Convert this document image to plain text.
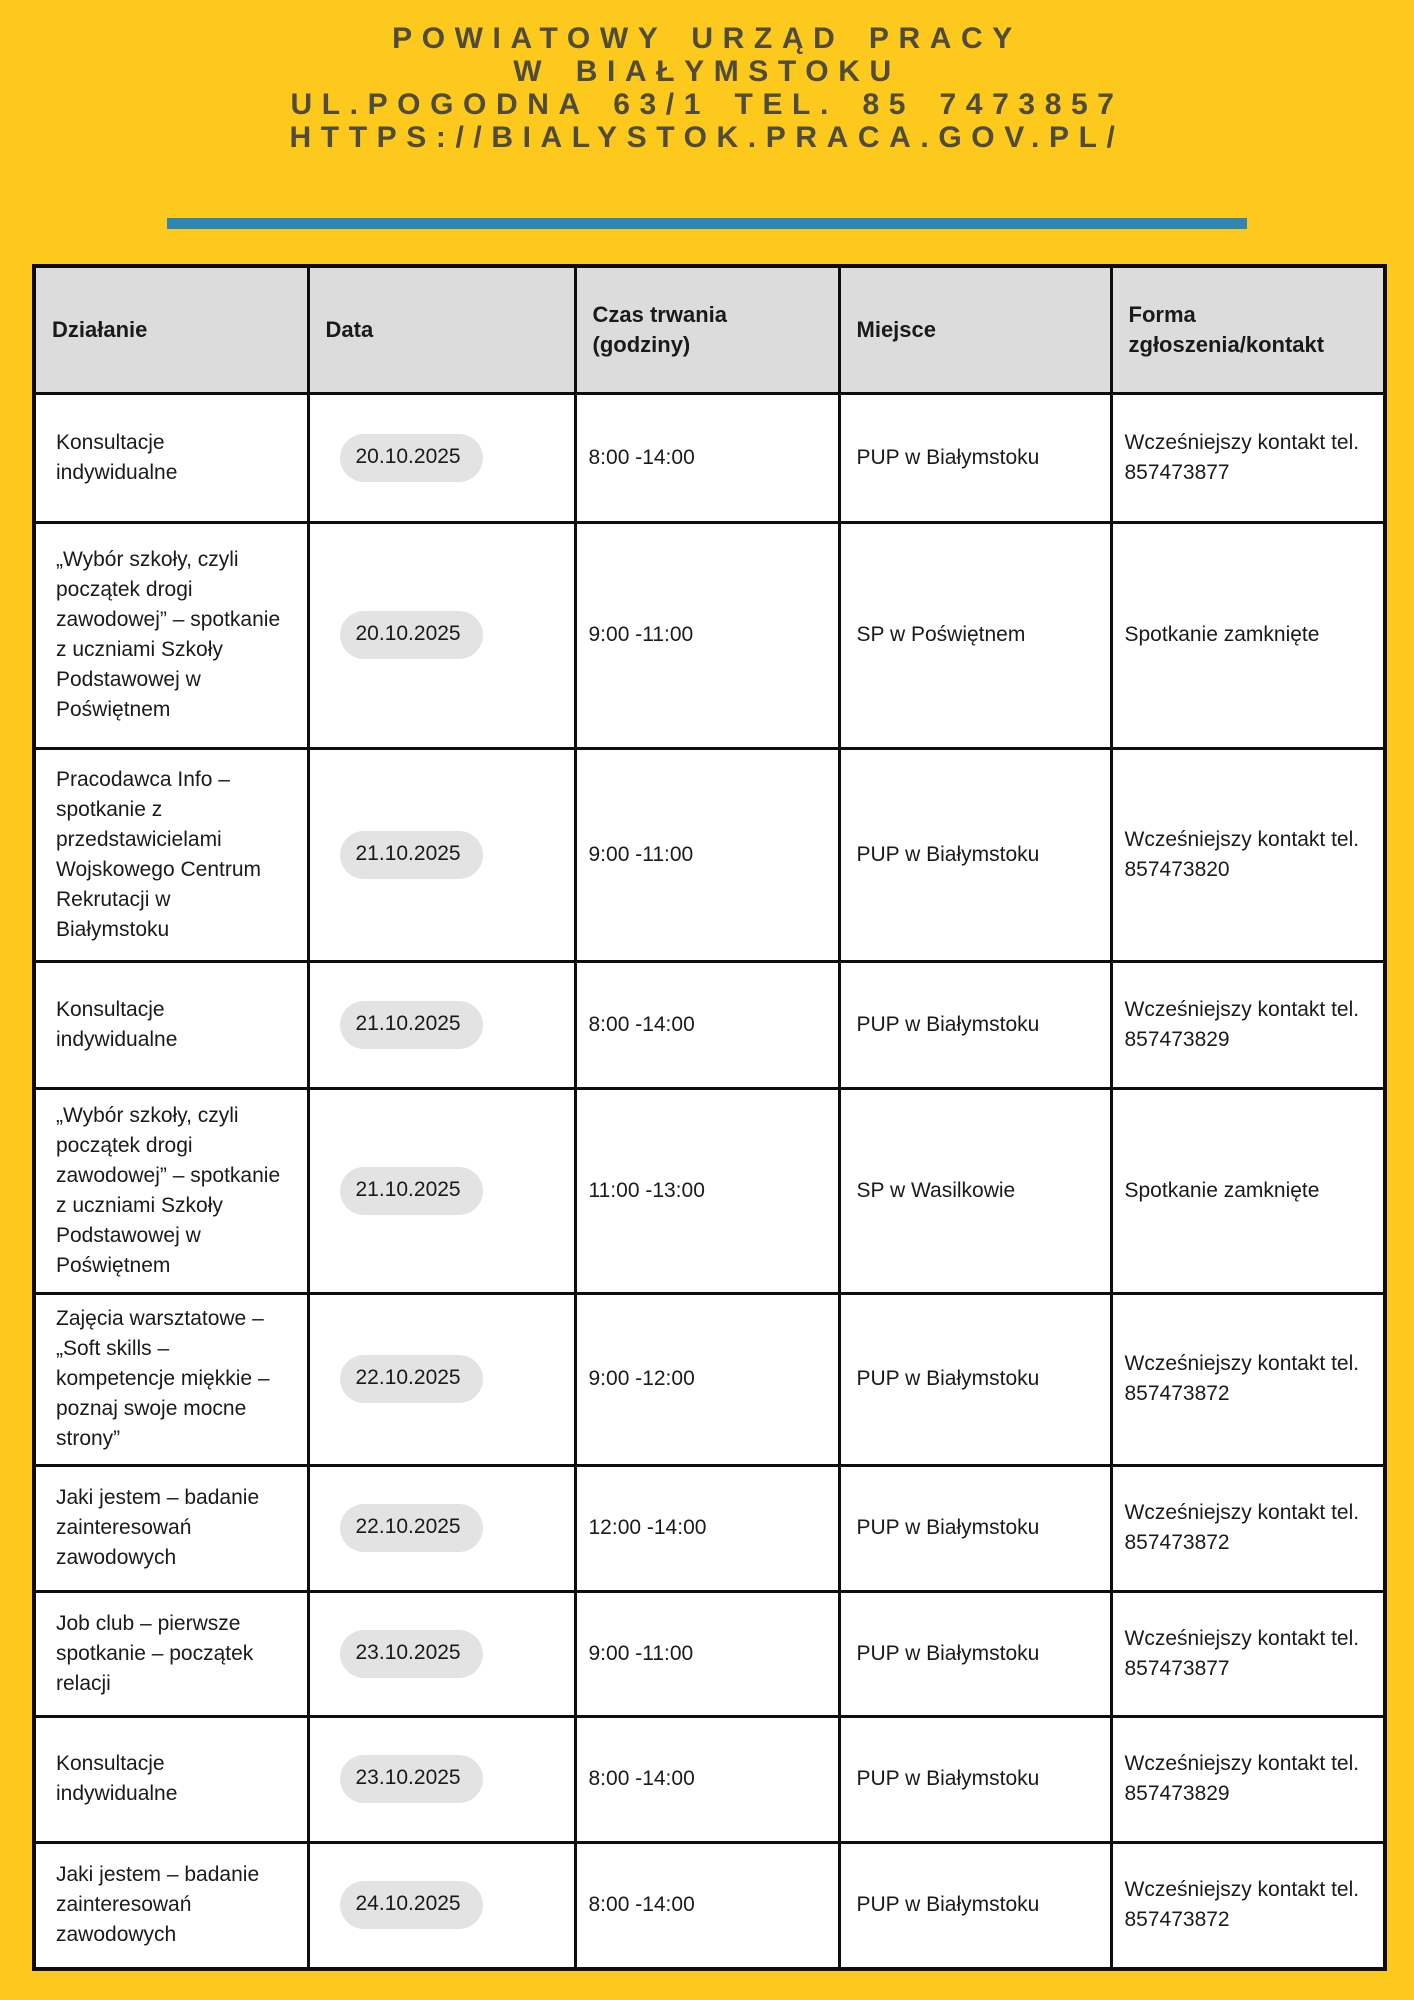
POWIATOWY URZĄD PRACY
W BIAŁYMSTOKU
UL.POGODNA 63/1 TEL. 85 7473857
HTTPS://BIALYSTOK.PRACA.GOV.PL/
Działanie	Data	Czas trwania (godziny)	Miejsce	Forma zgłoszenia/kontakt
Konsultacje indywidualne	20.10.2025	8:00 -14:00	PUP w Białymstoku	Wcześniejszy kontakt tel. 857473877
„Wybór szkoły, czyli początek drogi zawodowej” – spotkanie z uczniami Szkoły Podstawowej w Poświętnem	20.10.2025	9:00 -11:00	SP w Poświętnem	Spotkanie zamknięte
Pracodawca Info – spotkanie z przedstawicielami Wojskowego Centrum Rekrutacji w Białymstoku	21.10.2025	9:00 -11:00	PUP w Białymstoku	Wcześniejszy kontakt tel. 857473820
Konsultacje indywidualne	21.10.2025	8:00 -14:00	PUP w Białymstoku	Wcześniejszy kontakt tel. 857473829
„Wybór szkoły, czyli początek drogi zawodowej” – spotkanie z uczniami Szkoły Podstawowej w Poświętnem	21.10.2025	11:00 -13:00	SP w Wasilkowie	Spotkanie zamknięte
Zajęcia warsztatowe – „Soft skills – kompetencje miękkie – poznaj swoje mocne strony”	22.10.2025	9:00 -12:00	PUP w Białymstoku	Wcześniejszy kontakt tel. 857473872
Jaki jestem – badanie zainteresowań zawodowych	22.10.2025	12:00 -14:00	PUP w Białymstoku	Wcześniejszy kontakt tel. 857473872
Job club – pierwsze spotkanie – początek relacji	23.10.2025	9:00 -11:00	PUP w Białymstoku	Wcześniejszy kontakt tel. 857473877
Konsultacje indywidualne	23.10.2025	8:00 -14:00	PUP w Białymstoku	Wcześniejszy kontakt tel. 857473829
Jaki jestem – badanie zainteresowań zawodowych	24.10.2025	8:00 -14:00	PUP w Białymstoku	Wcześniejszy kontakt tel. 857473872
